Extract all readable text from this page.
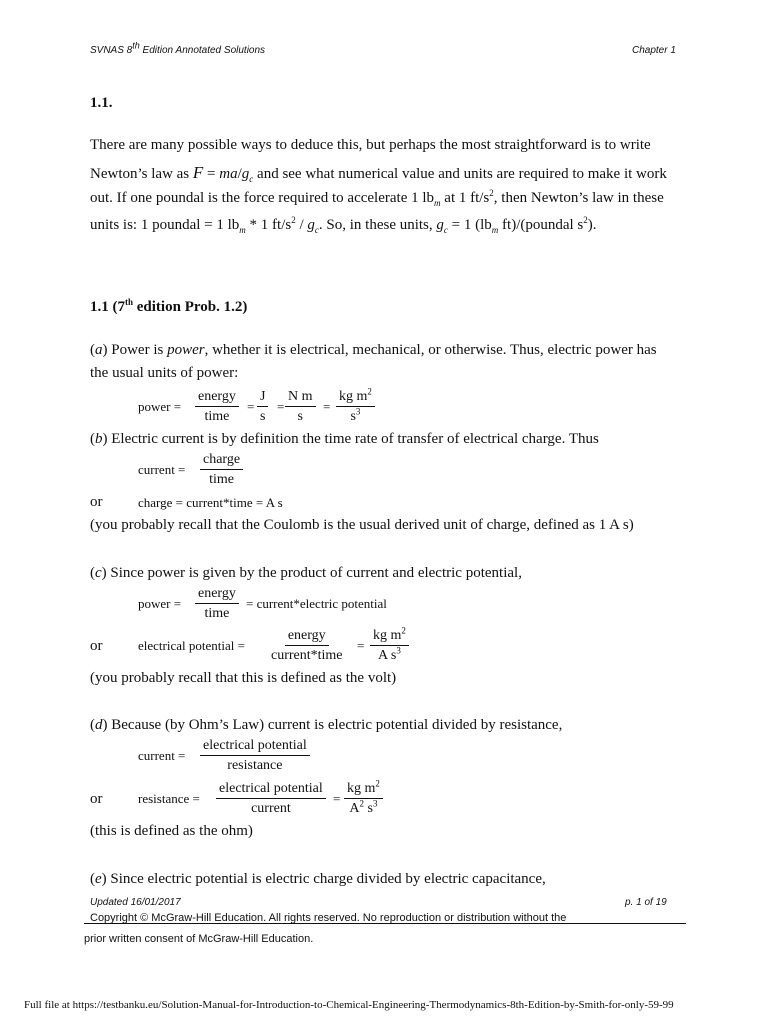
SVNAS 8th Edition Annotated Solutions	Chapter 1
1.1.
There are many possible ways to deduce this, but perhaps the most straightforward is to write
Newton’s law as $F = ma/g_c$ and see what numerical value and units are required to make it work
out. If one poundal is the force required to accelerate 1 $lb_m$ at 1 $ft/s^2$, then Newton’s law in these
units is: 1 poundal = 1 $lb_m * 1$ $ft/s^2 / g_c$. So, in these units, $g_c = 1$ ($lb_m$ ft)/(poundal $s^2$).
1.1 (7th edition Prob. 1.2)
(a) Power is power, whether it is electrical, mechanical, or otherwise. Thus, electric power has
the usual units of power:
power =
energy
time
= $\frac{J}{s} = \frac{\text{N m}}{s} = \frac{kg m^2}{s^3}$
(b) Electric current is by definition the time rate of transfer of electrical charge. Thus
current =
charge
time
or	charge = current*time = A s
(you probably recall that the Coulomb is the usual derived unit of charge, defined as 1 A s)
(c) Since power is given by the product of current and electric potential,
power =
energy
time
= current*electric potential
or	electrical potential =
energy
current*time
= $\frac{kg m^2}{A s^3}$
(you probably recall that this is defined as the volt)
(d) Because (by Ohm’s Law) current is electric potential divided by resistance,
current =
electrical potential
resistance
or	resistance =
electrical potential
current
= $\frac{kg m^2}{A^2 s^3}$
(this is defined as the ohm)
(e) Since electric potential is electric charge divided by electric capacitance,
Updated 16/01/2017	p. 1 of 19
Copyright © McGraw-Hill Education. All rights reserved. No reproduction or distribution without the
prior written consent of McGraw-Hill Education.
Full file at https://testbanku.eu/Solution-Manual-for-Introduction-to-Chemical-Engineering-Thermodynamics-8th-Edition-by-Smith-for-only-59-99
